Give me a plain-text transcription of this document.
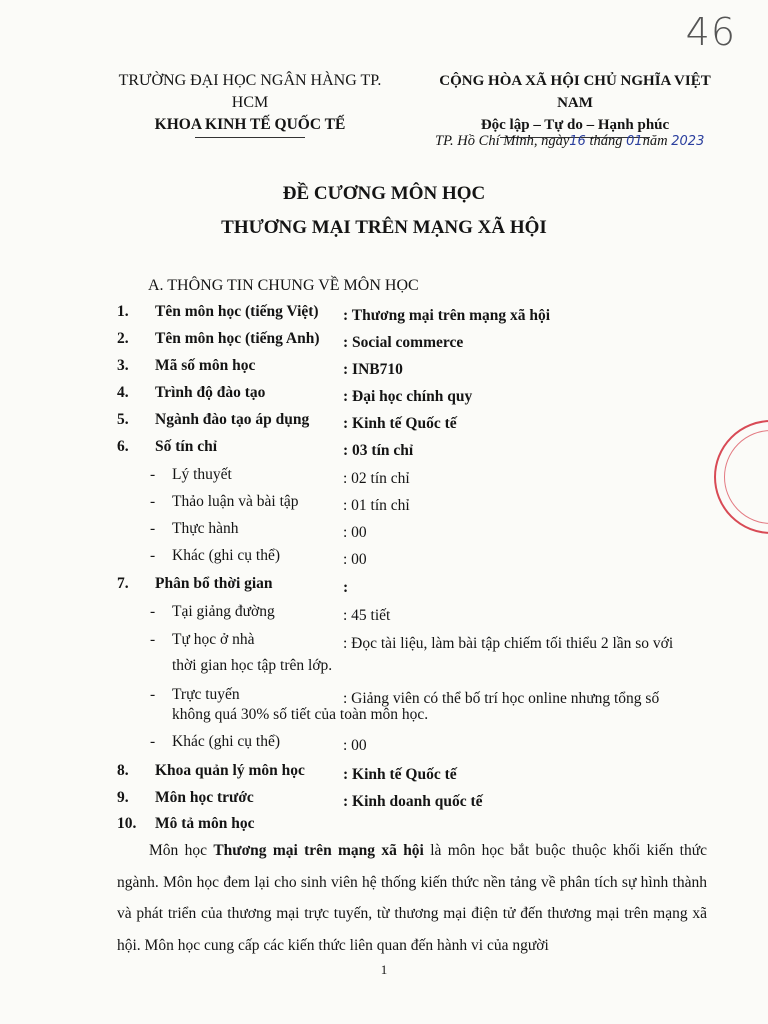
46
TRƯỜNG ĐẠI HỌC NGÂN HÀNG TP. HCM
KHOA KINH TẾ QUỐC TẾ
CỘNG HÒA XÃ HỘI CHỦ NGHĨA VIỆT NAM
Độc lập – Tự do – Hạnh phúc
TP. Hồ Chí Minh, ngày16 tháng 01năm 2023
ĐỀ CƯƠNG MÔN HỌC
THƯƠNG MẠI TRÊN MẠNG XÃ HỘI
A. THÔNG TIN CHUNG VỀ MÔN HỌC
1. Tên môn học (tiếng Việt) : Thương mại trên mạng xã hội
2. Tên môn học (tiếng Anh) : Social commerce
3. Mã số môn học	: INB710
4. Trình độ đào tạo	: Đại học chính quy
5. Ngành đào tạo áp dụng : Kinh tế Quốc tế
6. Số tín chỉ	: 03 tín chỉ
- Lý thuyết	: 02 tín chỉ
- Thảo luận và bài tập	: 01 tín chỉ
- Thực hành	: 00
- Khác (ghi cụ thể)	: 00
7. Phân bổ thời gian	:
- Tại giảng đường	: 45 tiết
- Tự học ở nhà	: Đọc tài liệu, làm bài tập chiếm tối thiểu 2 lần so với
thời gian học tập trên lớp.
- Trực tuyến	: Giảng viên có thể bố trí học online nhưng tổng số
không quá 30% số tiết của toàn môn học.
- Khác (ghi cụ thể)	: 00
8. Khoa quản lý môn học : Kinh tế Quốc tế
9. Môn học trước	: Kinh doanh quốc tế
10. Mô tả môn học
Môn học Thương mại trên mạng xã hội là môn học bắt buộc thuộc khối kiến thức ngành. Môn học đem lại cho sinh viên hệ thống kiến thức nền tảng về phân tích sự hình thành và phát triển của thương mại trực tuyến, từ thương mại điện tử đến thương mại trên mạng xã hội. Môn học cung cấp các kiến thức liên quan đến hành vi của người
1
